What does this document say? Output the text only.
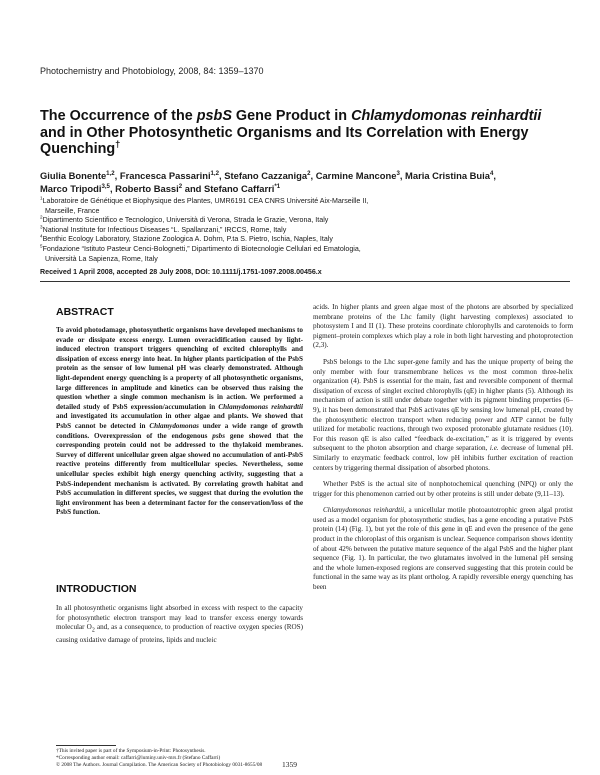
Photochemistry and Photobiology, 2008, 84: 1359–1370
The Occurrence of the psbS Gene Product in Chlamydomonas reinhardtii and in Other Photosynthetic Organisms and Its Correlation with Energy Quenching†
Giulia Bonente$^{1,2}$, Francesca Passarini$^{1,2}$, Stefano Cazzaniga$^2$, Carmine Mancone$^3$, Maria Cristina Buia$^4$,
Marco Tripodi$^{3,5}$, Roberto Bassi$^2$ and Stefano Caffarri$^{*1}$
$^1$Laboratoire de Génétique et Biophysique des Plantes, UMR6191 CEA CNRS Université Aix-Marseille II,
Marseille, France
$^2$Dipartimento Scientifico e Tecnologico, Università di Verona, Strada le Grazie, Verona, Italy
$^3$National Institute for Infectious Diseases “L. Spallanzani,” IRCCS, Rome, Italy
$^4$Benthic Ecology Laboratory, Stazione Zoologica A. Dohrn, P.ta S. Pietro, Ischia, Naples, Italy
$^5$Fondazione “Istituto Pasteur Cenci-Bolognetti,” Dipartimento di Biotecnologie Cellulari ed Ematologia,
Università La Sapienza, Rome, Italy
Received 1 April 2008, accepted 28 July 2008, DOI: 10.1111/j.1751-1097.2008.00456.x
ABSTRACT

To avoid photodamage, photosynthetic organisms have developed mechanisms to evade or dissipate excess energy. Lumen overacidification caused by light-induced electron transport triggers quenching of excited chlorophylls and dissipation of excess energy into heat. In higher plants participation of the PsbS protein as the sensor of low lumenal pH was clearly demonstrated. Although light-dependent energy quenching is a property of all photosynthetic organisms, large differences in amplitude and kinetics can be observed thus raising the question whether a single common mechanism is in action. We performed a detailed study of PsbS expression/accumulation in Chlamydomonas reinhardtii and investigated its accumulation in other algae and plants. We showed that PsbS cannot be detected in Chlamydomonas under a wide range of growth conditions. Overexpression of the endogenous psbs gene showed that the corresponding protein could not be addressed to the thylakoid membranes. Survey of different unicellular green algae showed no accumulation of anti-PsbS reactive proteins differently from multicellular species. Nevertheless, some unicellular species exhibit high energy quenching activity, suggesting that a PsbS-independent mechanism is activated. By correlating growth habitat and PsbS accumulation in different species, we suggest that during the evolution the light environment has been a determinant factor for the conservation/loss of the PsbS function.

INTRODUCTION

In all photosynthetic organisms light absorbed in excess with respect to the capacity for photosynthetic electron transport may lead to transfer excess energy towards molecular $O_2$ and, as a consequence, to production of reactive oxygen species (ROS) causing oxidative damage of proteins, lipids and nucleic

acids. In higher plants and green algae most of the photons are absorbed by specialized membrane proteins of the Lhc family (light harvesting complexes) associated to photosystem I and II (1). These proteins coordinate chlorophylls and carotenoids to form pigment–protein complexes which play a role in both light harvesting and photoprotection (2,3).

PsbS belongs to the Lhc super-gene family and has the unique property of being the only member with four transmembrane helices vs the most common three-helix organization (4). PsbS is essential for the main, fast and reversible component of thermal dissipation of excess of singlet excited chlorophylls (qE) in higher plants (5). Although its mechanism of action is still under debate together with its pigment binding properties (6–9), it has been demonstrated that PsbS activates qE by sensing low lumenal pH, created by the photosynthetic electron transport when reducing power and ATP cannot be fully utilized for metabolic reactions, through two exposed protonable glutamate residues (10). For this reason qE is also called “feedback de-excitation,” as it is triggered by events subsequent to the photon absorption and charge separation, i.e. decrease of lumenal pH. Similarly to enzymatic feedback control, low pH inhibits further excitation of reaction centers by triggering thermal dissipation of absorbed photons.

Whether PsbS is the actual site of nonphotochemical quenching (NPQ) or only the trigger for this phenomenon carried out by other proteins is still under debate (9,11–13).

Chlamydomonas reinhardtii, a unicellular motile photoautotrophic green algal protist used as a model organism for photosynthetic studies, has a gene encoding a putative PsbS protein (14) (Fig. 1), but yet the role of this gene in qE and even the presence of the gene product in the chloroplast of this organism is unclear. Sequence comparison shows identity of about 42% between the putative mature sequence of the algal PsbS and the higher plant sequence (Fig. 1). In particular, the two glutamates involved in the lumenal pH sensing and the whole lumen-exposed regions are conserved suggesting that this protein could be functional in the same way as its plant ortholog. A rapidly reversible energy quenching has been

†This invited paper is part of the Symposium-in-Print: Photosynthesis.
*Corresponding author email: caffarri@luminy.univ-mrs.fr (Stefano Caffarri)
© 2008 The Authors. Journal Compilation. The American Society of Photobiology 0031-8655/08	1359
